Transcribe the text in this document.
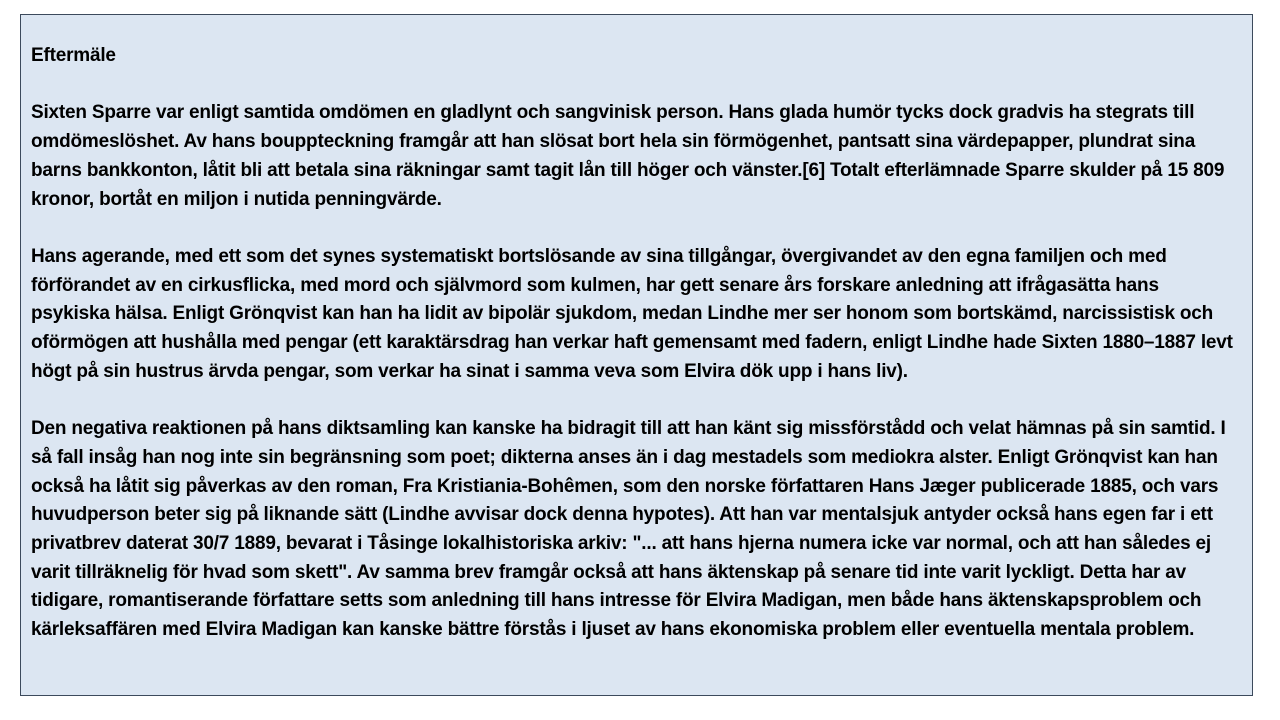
Eftermäle

Sixten Sparre var enligt samtida omdömen en gladlynt och sangvinisk person. Hans glada humör tycks dock gradvis ha stegrats till omdömeslöshet. Av hans bouppteckning framgår att han slösat bort hela sin förmögenhet, pantsatt sina värdepapper, plundrat sina barns bankkonton, låtit bli att betala sina räkningar samt tagit lån till höger och vänster.[6] Totalt efterlämnade Sparre skulder på 15 809 kronor, bortåt en miljon i nutida penningvärde.

Hans agerande, med ett som det synes systematiskt bortslösande av sina tillgångar, övergivandet av den egna familjen och med förförandet av en cirkusflicka, med mord och självmord som kulmen, har gett senare års forskare anledning att ifrågasätta hans psykiska hälsa. Enligt Grönqvist kan han ha lidit av bipolär sjukdom, medan Lindhe mer ser honom som bortskämd, narcissistisk och oförmögen att hushålla med pengar (ett karaktärsdrag han verkar haft gemensamt med fadern, enligt Lindhe hade Sixten 1880–1887 levt högt på sin hustrus ärvda pengar, som verkar ha sinat i samma veva som Elvira dök upp i hans liv).

Den negativa reaktionen på hans diktsamling kan kanske ha bidragit till att han känt sig missförstådd och velat hämnas på sin samtid. I så fall insåg han nog inte sin begränsning som poet; dikterna anses än i dag mestadels som mediokra alster. Enligt Grönqvist kan han också ha låtit sig påverkas av den roman, Fra Kristiania-Bohêmen, som den norske författaren Hans Jæger publicerade 1885, och vars huvudperson beter sig på liknande sätt (Lindhe avvisar dock denna hypotes). Att han var mentalsjuk antyder också hans egen far i ett privatbrev daterat 30/7 1889, bevarat i Tåsinge lokalhistoriska arkiv: "... att hans hjerna numera icke var normal, och att han således ej varit tillräknelig för hvad som skett". Av samma brev framgår också att hans äktenskap på senare tid inte varit lyckligt. Detta har av tidigare, romantiserande författare setts som anledning till hans intresse för Elvira Madigan, men både hans äktenskapsproblem och kärleksaffären med Elvira Madigan kan kanske bättre förstås i ljuset av hans ekonomiska problem eller eventuella mentala problem.
